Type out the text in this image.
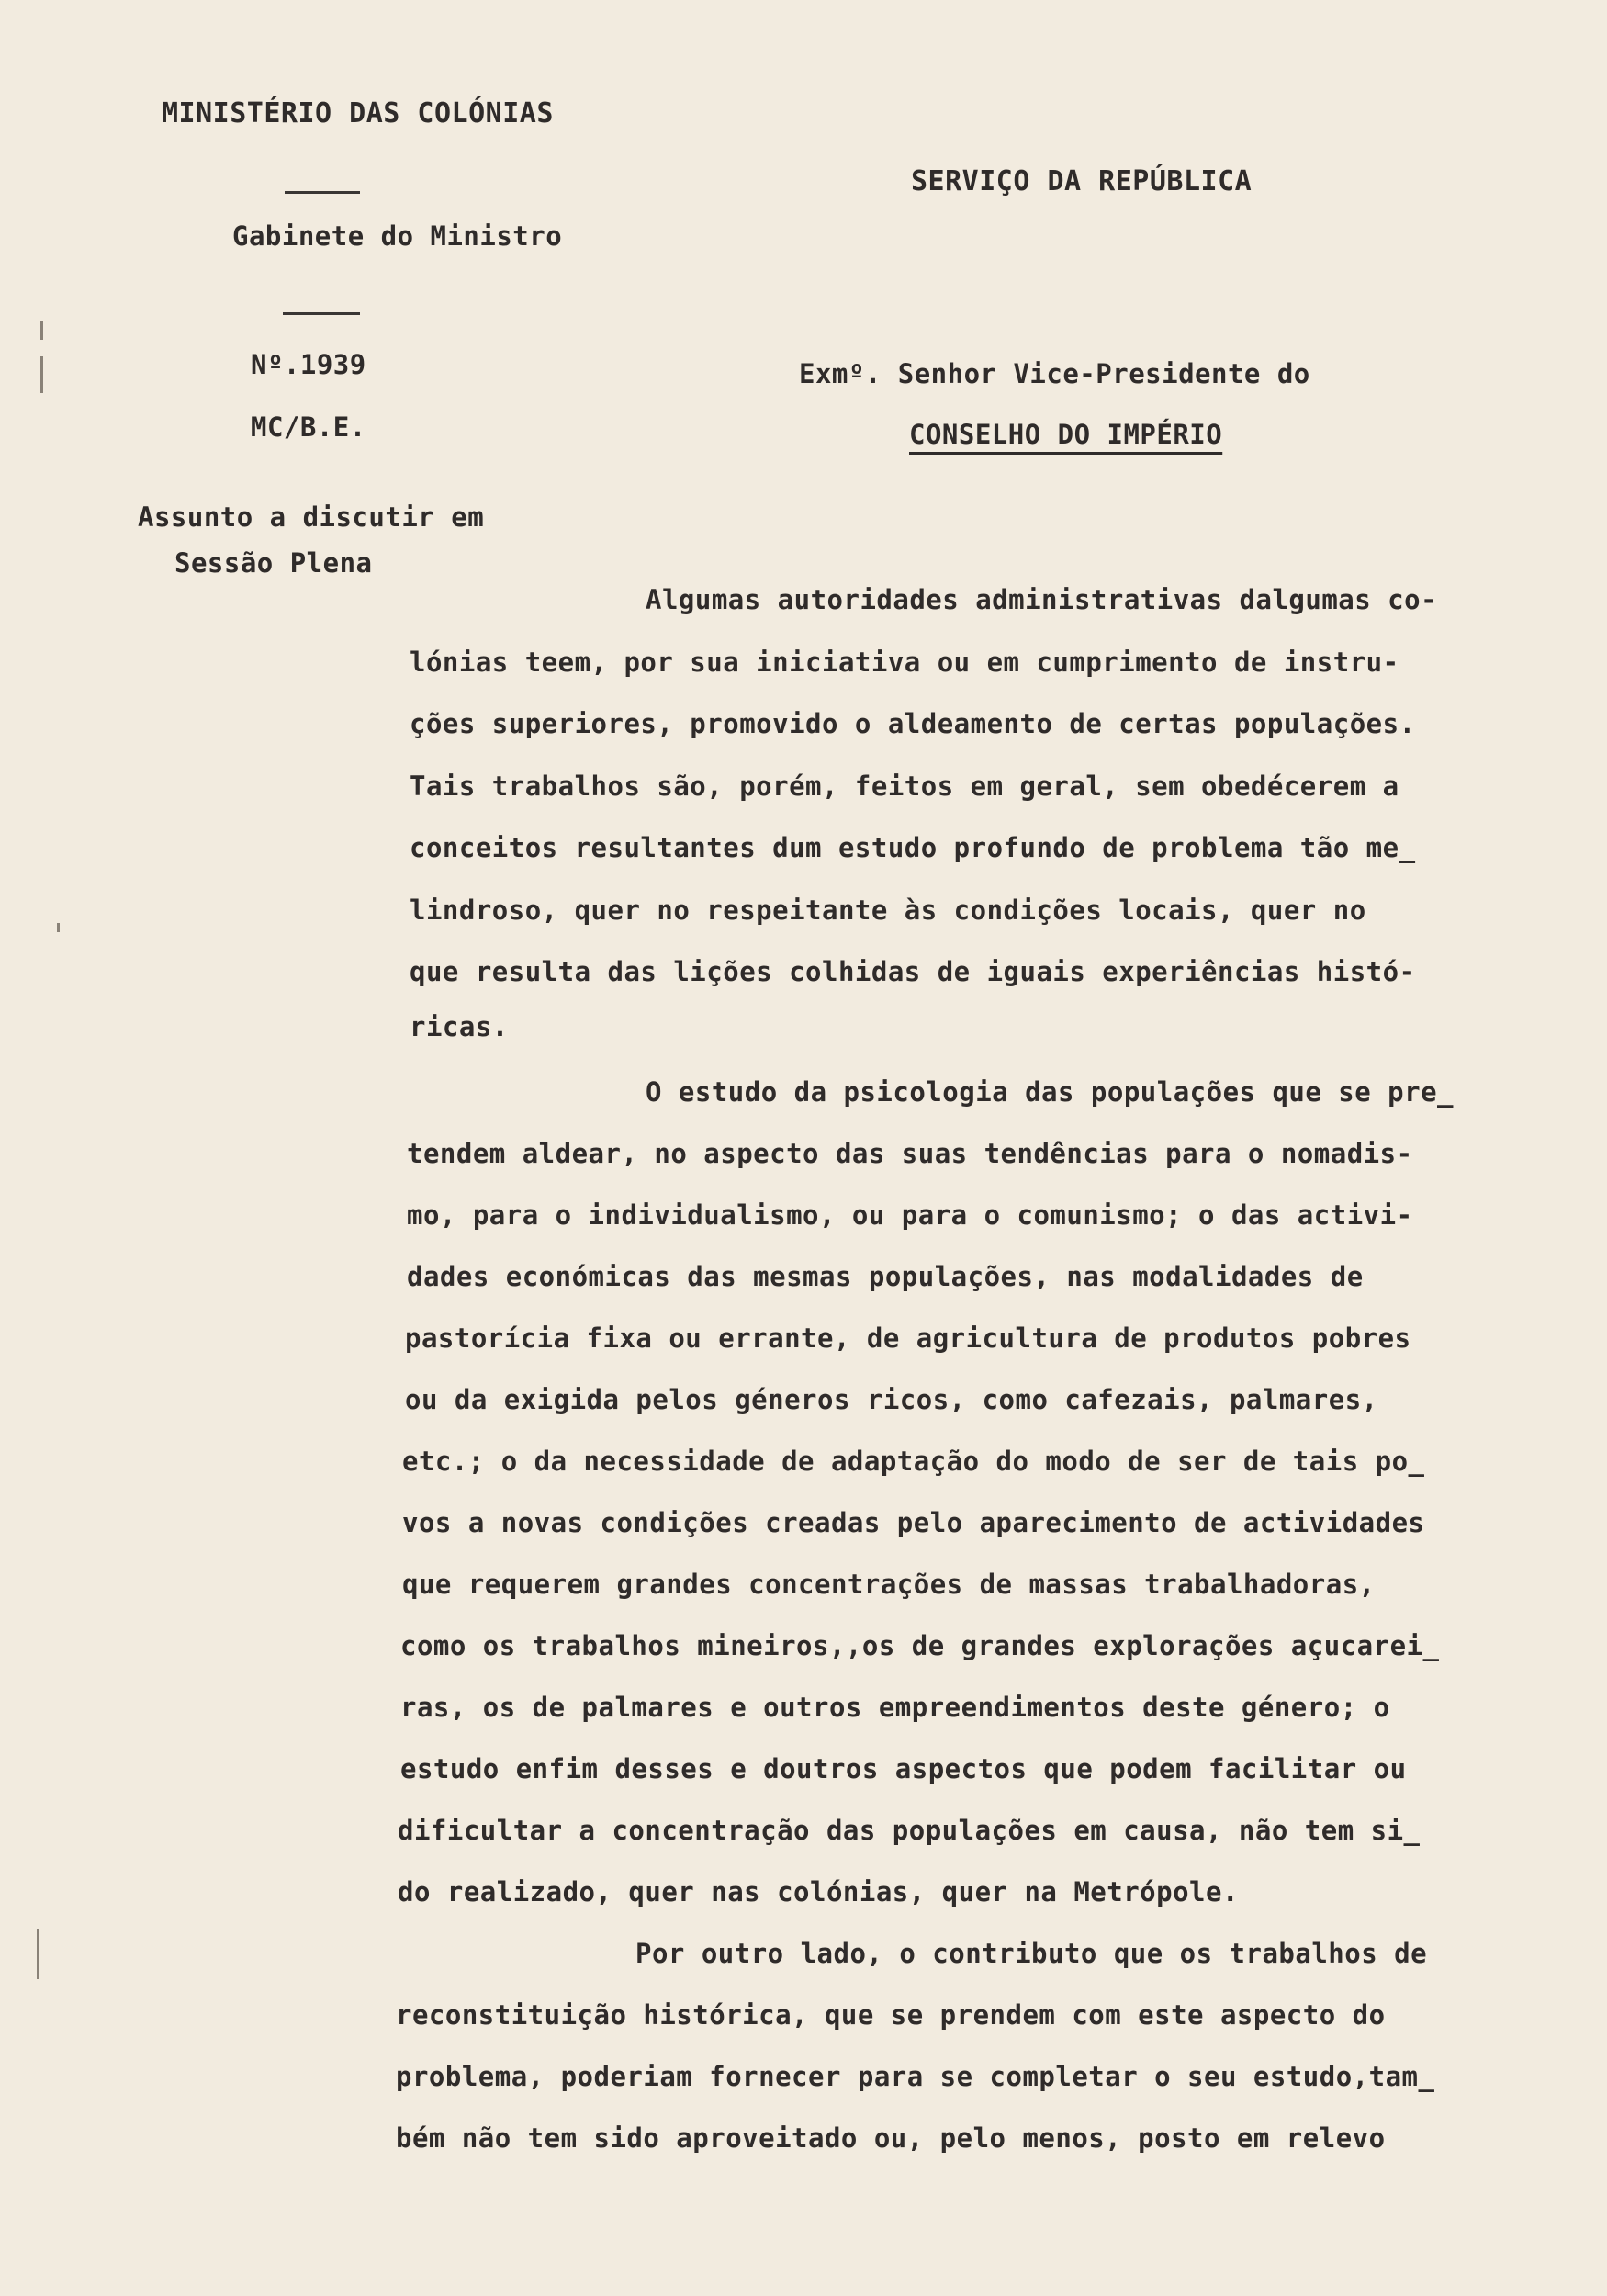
MINISTÉRIO DAS COLÓNIAS
SERVIÇO DA REPÚBLICA
Gabinete do Ministro
Nº.1939
MC/B.E.
Exmº. Senhor Vice-Presidente do
CONSELHO DO IMPÉRIO
Assunto a discutir em
Sessão Plena
Algumas autoridades administrativas dalgumas co-
lónias teem, por sua iniciativa ou em cumprimento de instru-
ções superiores, promovido o aldeamento de certas populações.
Tais trabalhos são, porém, feitos em geral, sem obedécerem a
conceitos resultantes dum estudo profundo de problema tão me_
lindroso, quer no respeitante às condições locais, quer no
que resulta das lições colhidas de iguais experiências histó-
ricas.
O estudo da psicologia das populações que se pre_
tendem aldear, no aspecto das suas tendências para o nomadis-
mo, para o individualismo, ou para o comunismo; o das activi-
dades económicas das mesmas populações, nas modalidades de
pastorícia fixa ou errante, de agricultura de produtos pobres
ou da exigida pelos géneros ricos, como cafezais, palmares,
etc.; o da necessidade de adaptação do modo de ser de tais po_
vos a novas condições creadas pelo aparecimento de actividades
que requerem grandes concentrações de massas trabalhadoras,
como os trabalhos mineiros,,os de grandes explorações açucarei_
ras, os de palmares e outros empreendimentos deste género; o
estudo enfim desses e doutros aspectos que podem facilitar ou
dificultar a concentração das populações em causa, não tem si_
do realizado, quer nas colónias, quer na Metrópole.
Por outro lado, o contributo que os trabalhos de
reconstituição histórica, que se prendem com este aspecto do
problema, poderiam fornecer para se completar o seu estudo,tam_
bém não tem sido aproveitado ou, pelo menos, posto em relevo
